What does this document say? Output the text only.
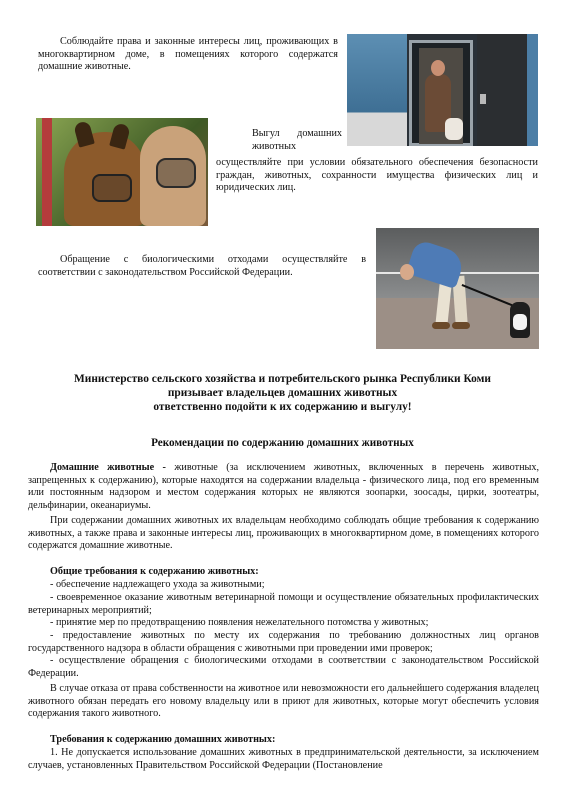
Соблюдайте права и законные интересы лиц, проживающих в многоквартирном доме, в помещениях которого содержатся домашние животные.

Выгул домашних животных

осуществляйте при условии обязательного обеспечения безопасности граждан, животных, сохранности имущества физических лиц и юридических лиц.

Обращение с биологическими отходами осуществляйте в соответствии с законодательством Российской Федерации.

Министерство сельского хозяйства и потребительского рынка Республики Коми
призывает владельцев домашних животных
ответственно подойти к их содержанию и выгулу!
Рекомендации по содержанию домашних животных

Домашние животные - животные (за исключением животных, включенных в перечень животных, запрещенных к содержанию), которые находятся на содержании владельца - физического лица, под его временным или постоянным надзором и местом содержания которых не являются зоопарки, зоосады, цирки, зоотеатры, дельфинарии, океанариумы.

При содержании домашних животных их владельцам необходимо соблюдать общие требования к содержанию животных, а также права и законные интересы лиц, проживающих в многоквартирном доме, в помещениях которого содержатся домашние животные.

Общие требования к содержанию животных:

- обеспечение надлежащего ухода за животными;

- своевременное оказание животным ветеринарной помощи и осуществление обязательных профилактических ветеринарных мероприятий;

- принятие мер по предотвращению появления нежелательного потомства у животных;

- предоставление животных по месту их содержания по требованию должностных лиц органов государственного надзора в области обращения с животными при проведении ими проверок;

- осуществление обращения с биологическими отходами в соответствии с законодательством Российской Федерации.

В случае отказа от права собственности на животное или невозможности его дальнейшего содержания владелец животного обязан передать его новому владельцу или в приют для животных, которые могут обеспечить условия содержания такого животного.

Требования к содержанию домашних животных:

1. Не допускается использование домашних животных в предпринимательской деятельности, за исключением случаев, установленных Правительством Российской Федерации (Постановление
